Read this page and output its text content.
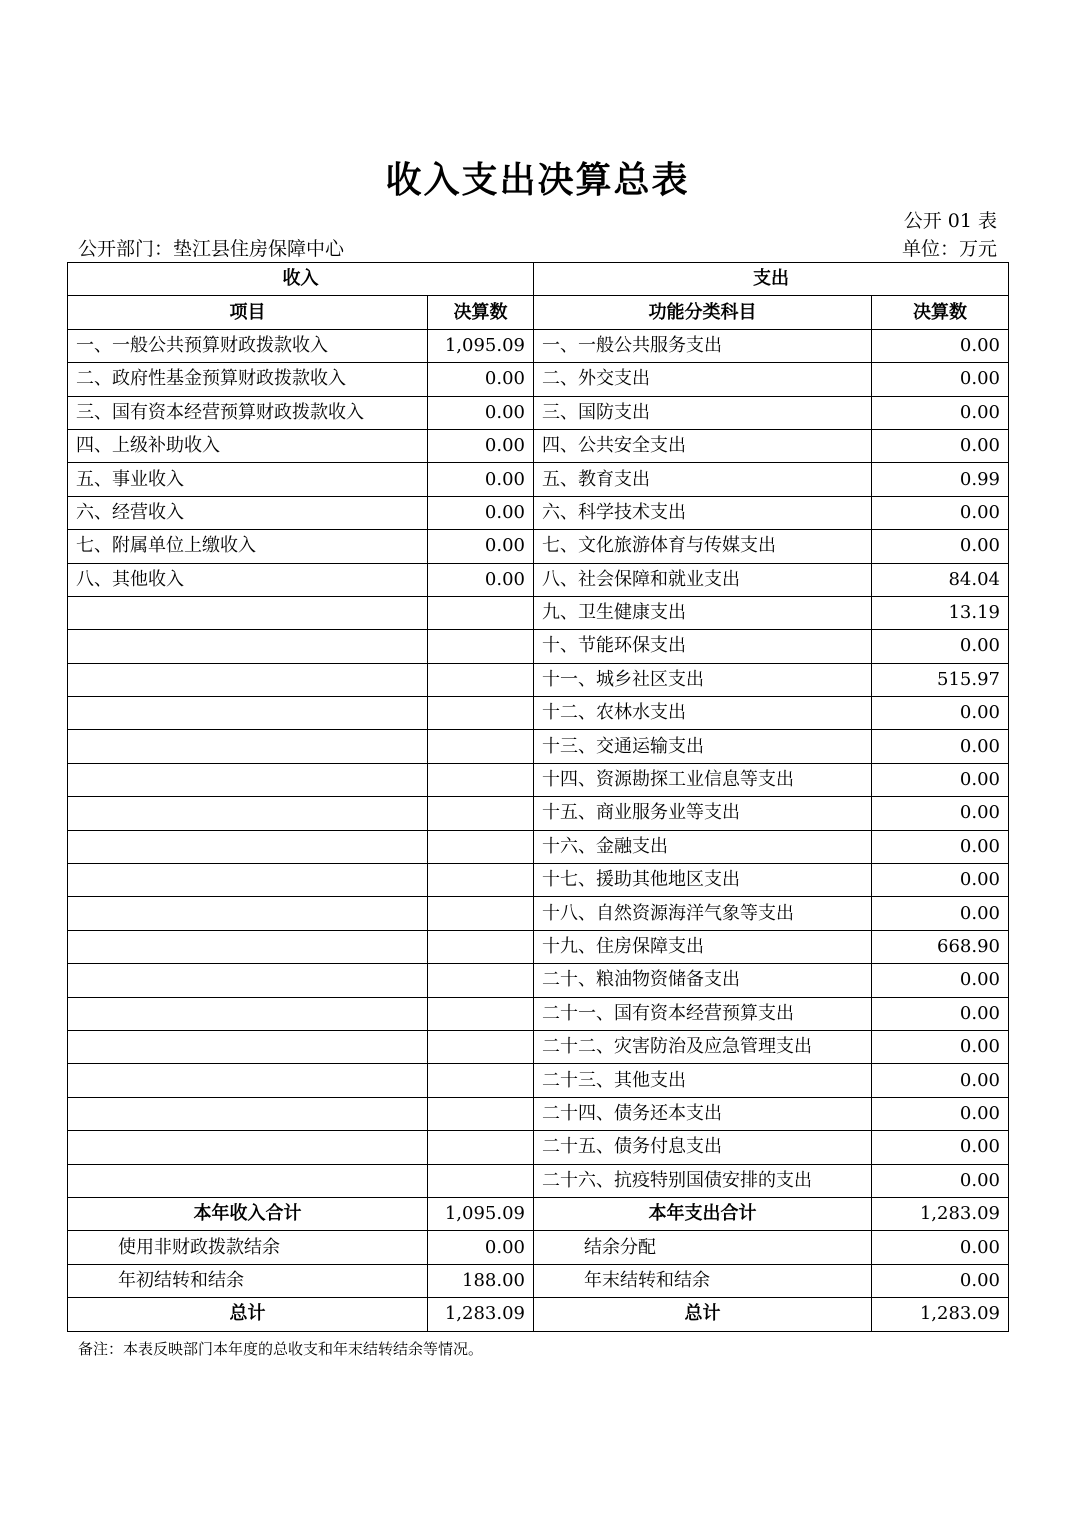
收入支出决算总表
公开 01 表
公开部门：垫江县住房保障中心	单位：万元
收入		支出	
项目	决算数	功能分类科目	决算数
一、一般公共预算财政拨款收入	1,095.09	一、一般公共服务支出	0.00
二、政府性基金预算财政拨款收入	0.00	二、外交支出	0.00
三、国有资本经营预算财政拨款收入	0.00	三、国防支出	0.00
四、上级补助收入	0.00	四、公共安全支出	0.00
五、事业收入	0.00	五、教育支出	0.99
六、经营收入	0.00	六、科学技术支出	0.00
七、附属单位上缴收入	0.00	七、文化旅游体育与传媒支出	0.00
八、其他收入	0.00	八、社会保障和就业支出	84.04
		九、卫生健康支出	13.19
		十、节能环保支出	0.00
		十一、城乡社区支出	515.97
		十二、农林水支出	0.00
		十三、交通运输支出	0.00
		十四、资源勘探工业信息等支出	0.00
		十五、商业服务业等支出	0.00
		十六、金融支出	0.00
		十七、援助其他地区支出	0.00
		十八、自然资源海洋气象等支出	0.00
		十九、住房保障支出	668.90
		二十、粮油物资储备支出	0.00
		二十一、国有资本经营预算支出	0.00
		二十二、灾害防治及应急管理支出	0.00
		二十三、其他支出	0.00
		二十四、债务还本支出	0.00
		二十五、债务付息支出	0.00
		二十六、抗疫特别国债安排的支出	0.00
本年收入合计	1,095.09	本年支出合计	1,283.09
使用非财政拨款结余	0.00	结余分配	0.00
年初结转和结余	188.00	年末结转和结余	0.00
总计	1,283.09	总计	1,283.09
备注：本表反映部门本年度的总收支和年末结转结余等情况。
